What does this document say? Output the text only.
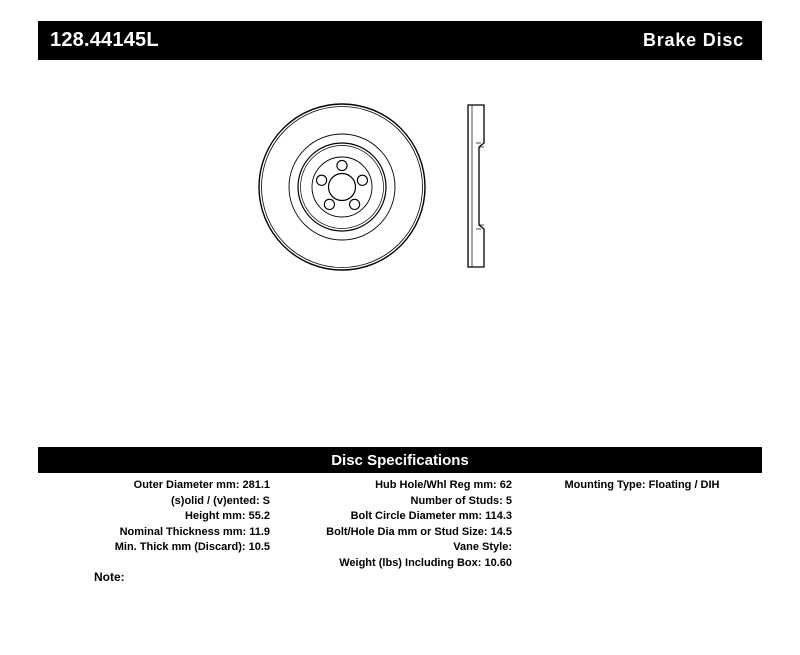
128.44145L	Brake Disc
Disc Specifications
Outer Diameter mm: 281.1
(s)olid / (v)ented: S
Height mm: 55.2
Nominal Thickness mm: 11.9
Min. Thick mm (Discard): 10.5
Hub Hole/Whl Reg mm: 62
Number of Studs: 5
Bolt Circle Diameter mm: 114.3
Bolt/Hole Dia mm or Stud Size: 14.5
Vane Style:
Weight (lbs) Including Box: 10.60
Mounting Type: Floating / DIH
Note:
